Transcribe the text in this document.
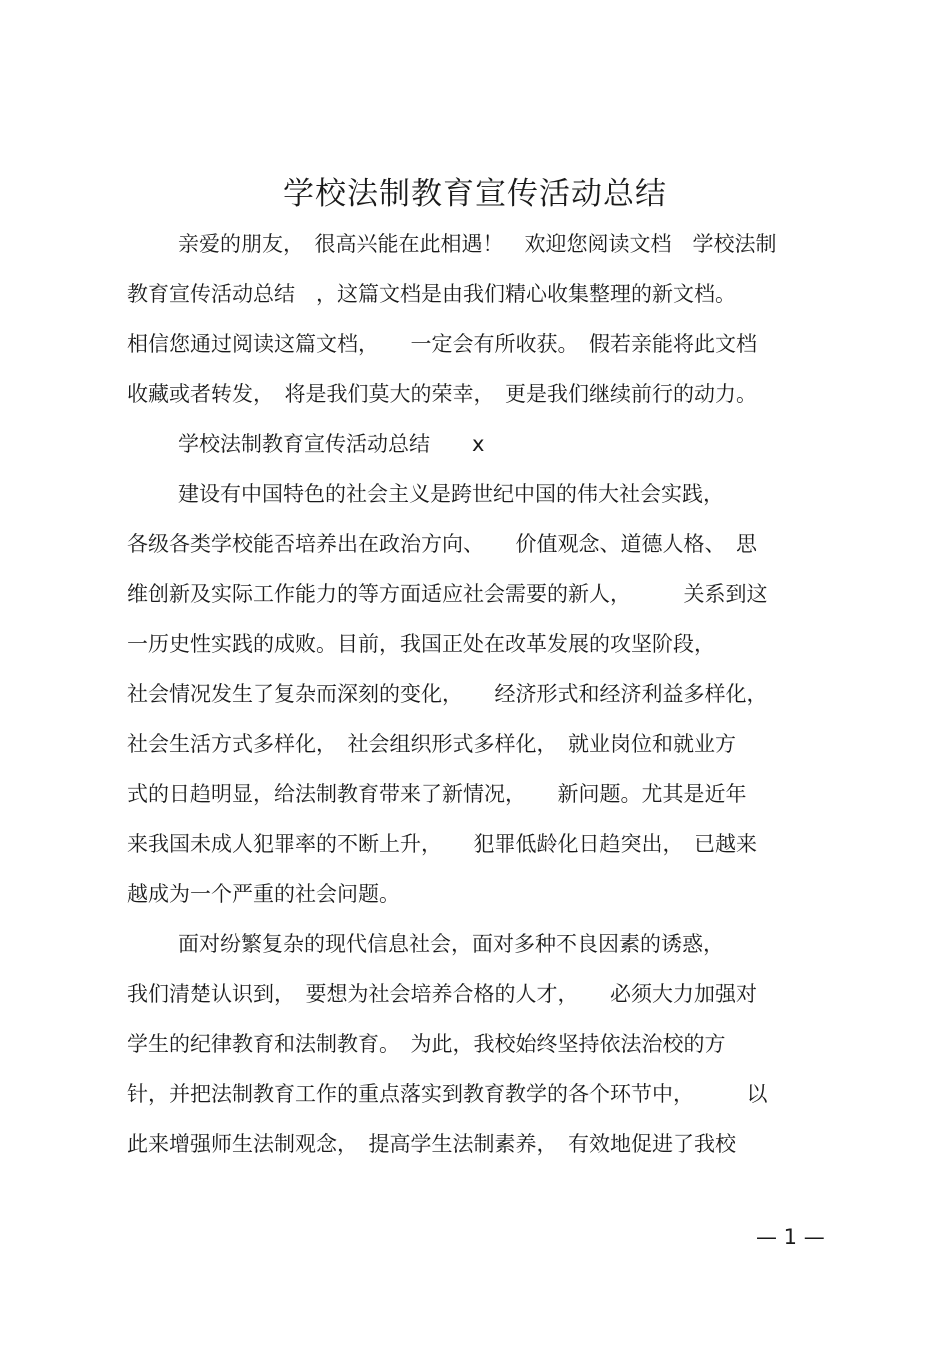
学校法制教育宣传活动总结
亲爱的朋友，　很高兴能在此相遇！　欢迎您阅读文档　学校法制
教育宣传活动总结　，这篇文档是由我们精心收集整理的新文档。
相信您通过阅读这篇文档，　　一定会有所收获。　假若亲能将此文档
收藏或者转发，　将是我们莫大的荣幸，　更是我们继续前行的动力。
学校法制教育宣传活动总结　　x
建设有中国特色的社会主义是跨世纪中国的伟大社会实践，
各级各类学校能否培养出在政治方向、　　价值观念、道德人格、　思
维创新及实际工作能力的等方面适应社会需要的新人，　　　关系到这
一历史性实践的成败。目前，我国正处在改革发展的攻坚阶段，
社会情况发生了复杂而深刻的变化，　　经济形式和经济利益多样化，
社会生活方式多样化，　社会组织形式多样化，　就业岗位和就业方
式的日趋明显，给法制教育带来了新情况，　　新问题。尤其是近年
来我国未成人犯罪率的不断上升，　　犯罪低龄化日趋突出，　已越来
越成为一个严重的社会问题。
面对纷繁复杂的现代信息社会，面对多种不良因素的诱惑，
我们清楚认识到，　要想为社会培养合格的人才，　　必须大力加强对
学生的纪律教育和法制教育。　为此，我校始终坚持依法治校的方
针，并把法制教育工作的重点落实到教育教学的各个环节中，　　　以
此来增强师生法制观念，　提高学生法制素养，　有效地促进了我校
— 1 —
